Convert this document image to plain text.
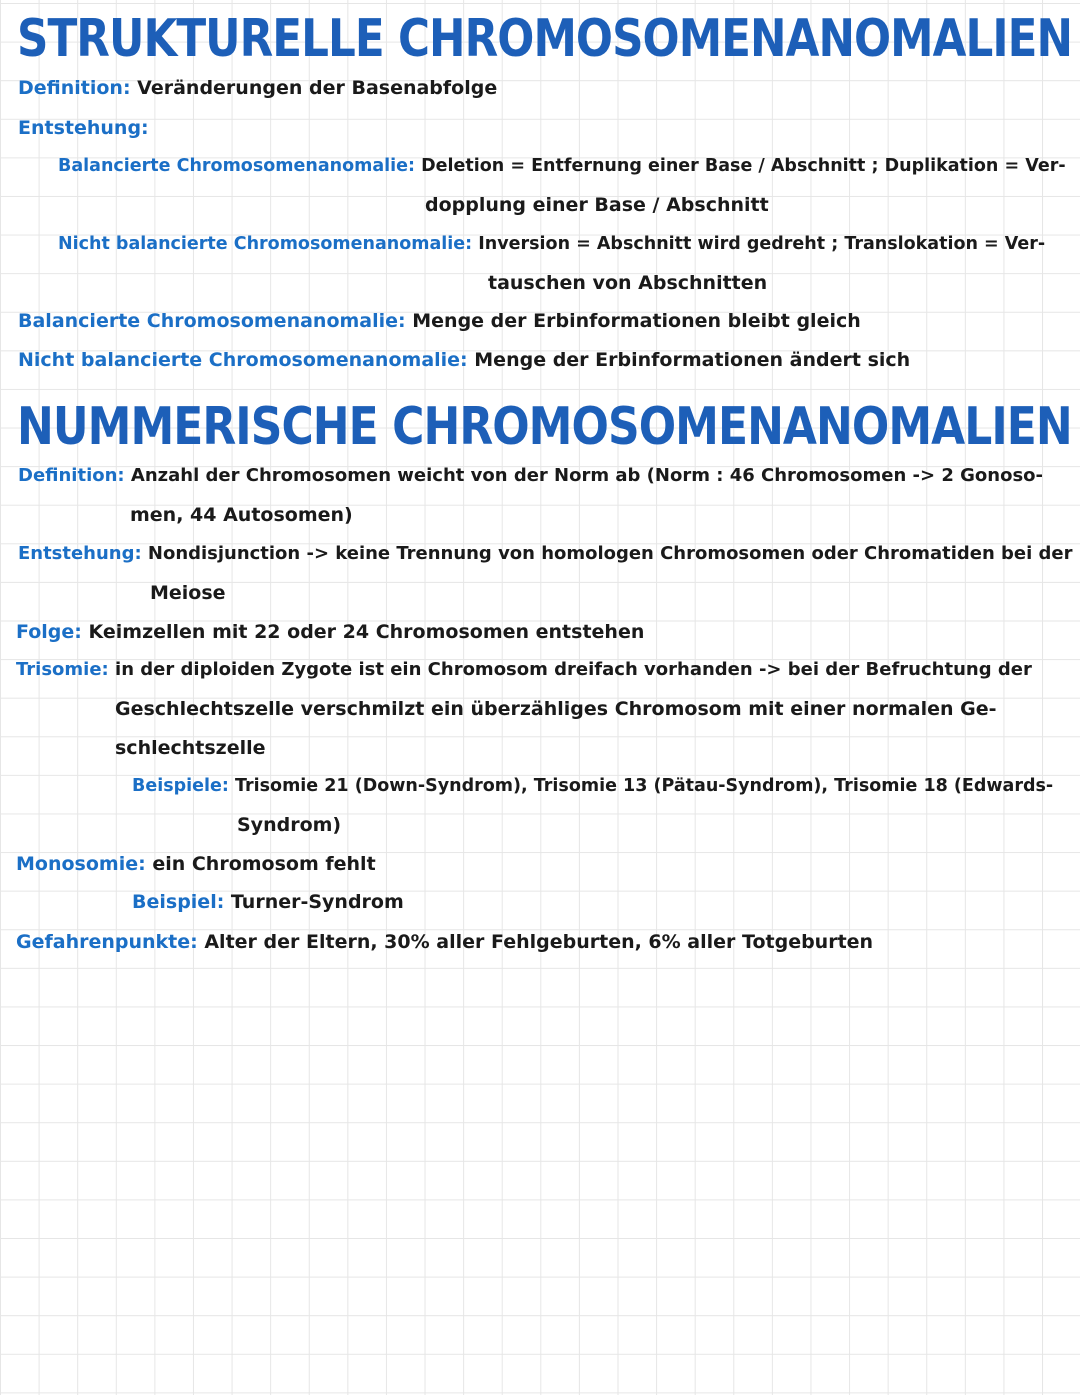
STRUKTURELLE CHROMOSOMENANOMALIEN
Definition: Veränderungen der Basenabfolge
Entstehung:
Balancierte Chromosomenanomalie: Deletion = Entfernung einer Base / Abschnitt ; Duplikation = Ver-
dopplung einer Base / Abschnitt
Nicht balancierte Chromosomenanomalie: Inversion = Abschnitt wird gedreht ; Translokation = Ver-
tauschen von Abschnitten
Balancierte Chromosomenanomalie: Menge der Erbinformationen bleibt gleich
Nicht balancierte Chromosomenanomalie: Menge der Erbinformationen ändert sich
NUMMERISCHE CHROMOSOMENANOMALIEN
Definition: Anzahl der Chromosomen weicht von der Norm ab (Norm : 46 Chromosomen -> 2 Gonoso-
men, 44 Autosomen)
Entstehung: Nondisjunction -> keine Trennung von homologen Chromosomen oder Chromatiden bei der
Meiose
Folge: Keimzellen mit 22 oder 24 Chromosomen entstehen
Trisomie: in der diploiden Zygote ist ein Chromosom dreifach vorhanden -> bei der Befruchtung der
Geschlechtszelle verschmilzt ein überzähliges Chromosom mit einer normalen Ge-
schlechtszelle
Beispiele: Trisomie 21 (Down-Syndrom), Trisomie 13 (Pätau-Syndrom), Trisomie 18 (Edwards-
Syndrom)
Monosomie: ein Chromosom fehlt
Beispiel: Turner-Syndrom
Gefahrenpunkte: Alter der Eltern, 30% aller Fehlgeburten, 6% aller Totgeburten
